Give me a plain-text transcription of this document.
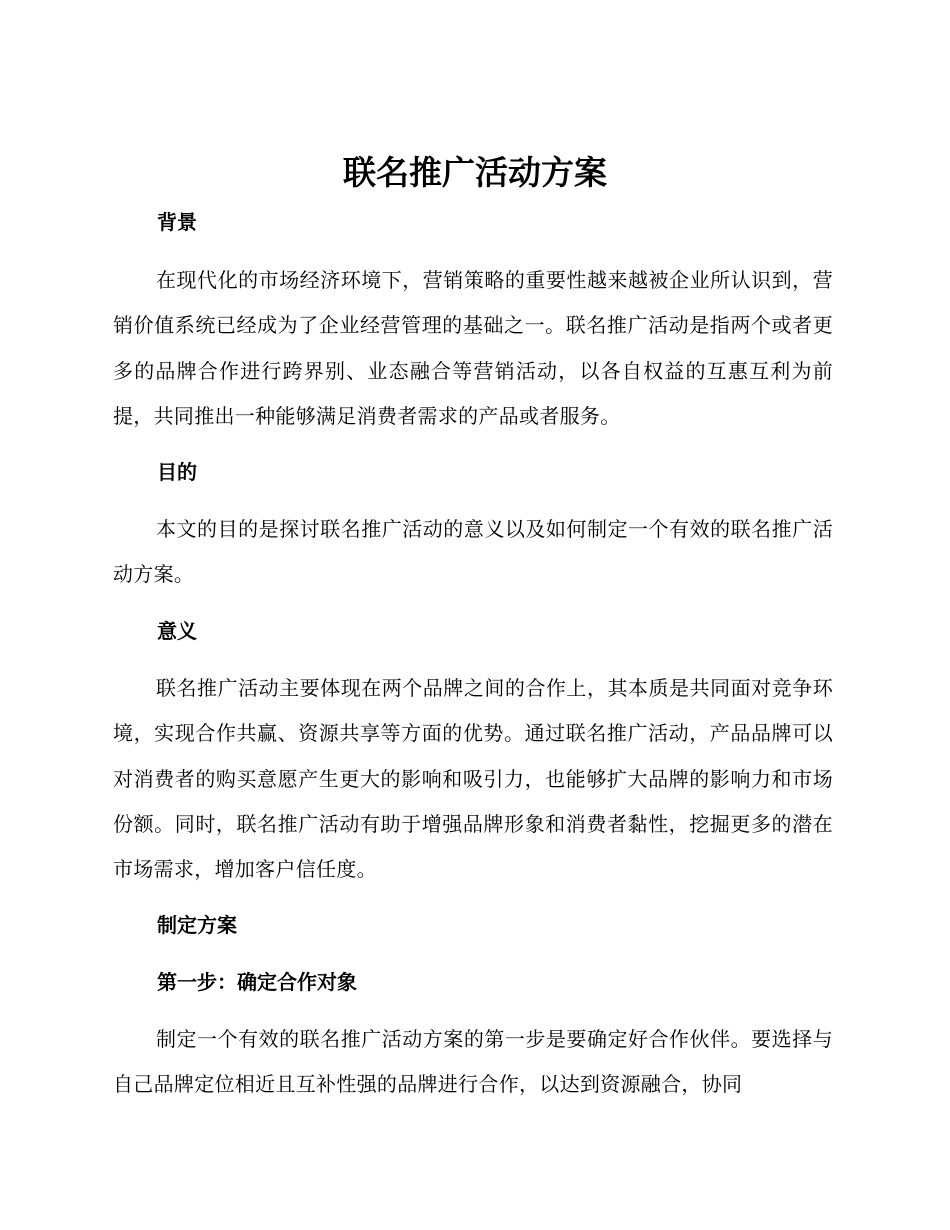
联名推广活动方案
背景

在现代化的市场经济环境下，营销策略的重要性越来越被企业所认识到，营销价值系统已经成为了企业经营管理的基础之一。联名推广活动是指两个或者更多的品牌合作进行跨界别、业态融合等营销活动，以各自权益的互惠互利为前提，共同推出一种能够满足消费者需求的产品或者服务。

目的

本文的目的是探讨联名推广活动的意义以及如何制定一个有效的联名推广活动方案。

意义

联名推广活动主要体现在两个品牌之间的合作上，其本质是共同面对竞争环境，实现合作共赢、资源共享等方面的优势。通过联名推广活动，产品品牌可以对消费者的购买意愿产生更大的影响和吸引力，也能够扩大品牌的影响力和市场份额。同时，联名推广活动有助于增强品牌形象和消费者黏性，挖掘更多的潜在市场需求，增加客户信任度。

制定方案
第一步：确定合作对象

制定一个有效的联名推广活动方案的第一步是要确定好合作伙伴。要选择与自己品牌定位相近且互补性强的品牌进行合作，以达到资源融合，协同
